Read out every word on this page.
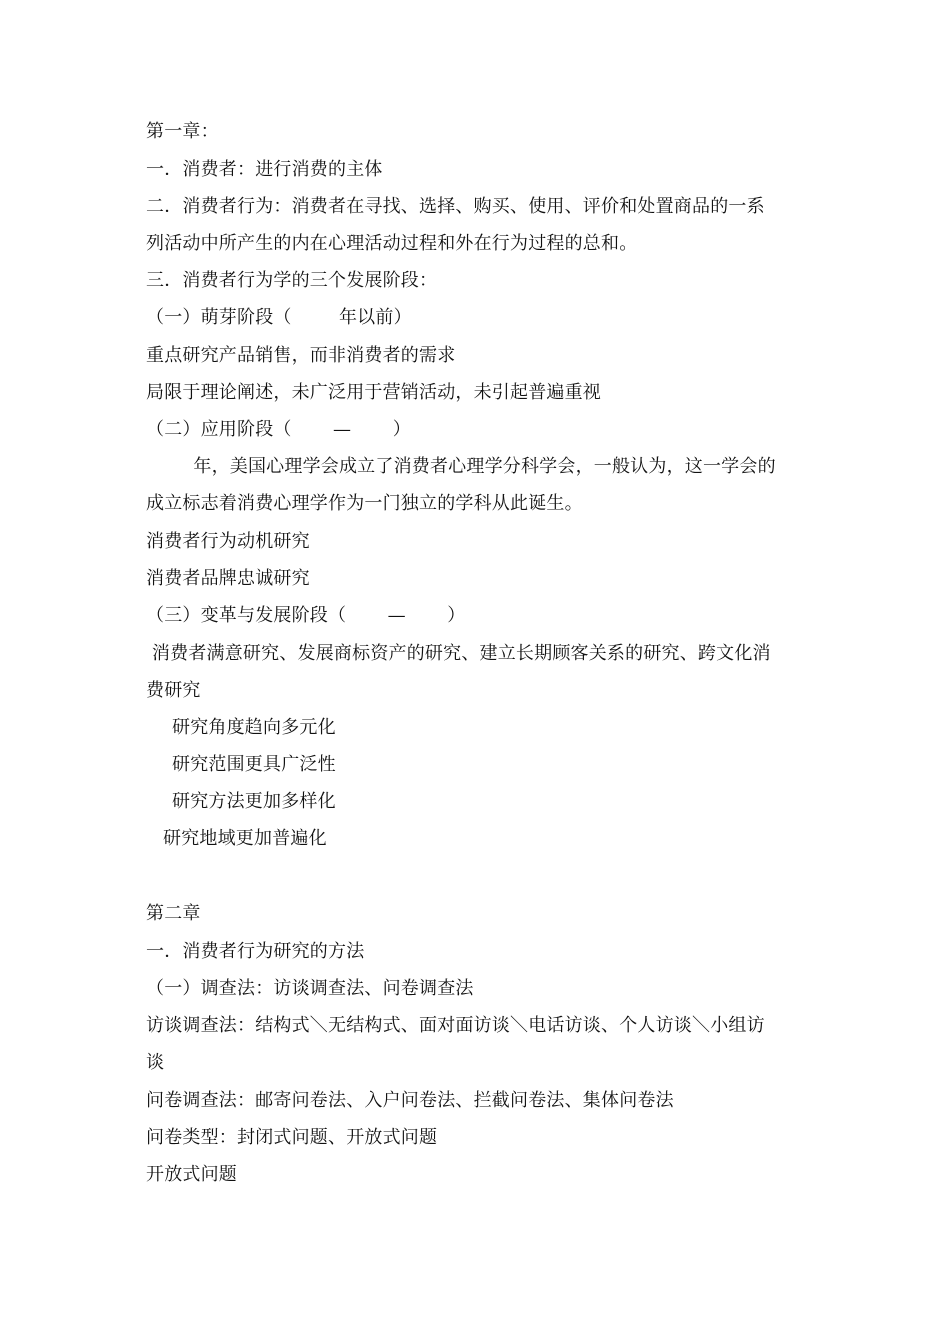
第一章：
一．消费者：进行消费的主体
二．消费者行为：消费者在寻找、选择、购买、使用、评价和处置商品的一系
列活动中所产生的内在心理活动过程和外在行为过程的总和。
三．消费者行为学的三个发展阶段：
（一）萌芽阶段（        年以前）
重点研究产品销售，而非消费者的需求
局限于理论阐述，未广泛用于营销活动，未引起普遍重视
（二）应用阶段（       —       ）
年，美国心理学会成立了消费者心理学分科学会，一般认为，这一学会的
成立标志着消费心理学作为一门独立的学科从此诞生。
消费者行为动机研究
消费者品牌忠诚研究
（三）变革与发展阶段（       —       ）
消费者满意研究、发展商标资产的研究、建立长期顾客关系的研究、跨文化消
费研究
研究角度趋向多元化
研究范围更具广泛性
研究方法更加多样化
研究地域更加普遍化
第二章
一．消费者行为研究的方法
（一）调查法：访谈调查法、问卷调查法
访谈调查法：结构式＼无结构式、面对面访谈＼电话访谈、个人访谈＼小组访
谈
问卷调查法：邮寄问卷法、入户问卷法、拦截问卷法、集体问卷法
问卷类型：封闭式问题、开放式问题
开放式问题
